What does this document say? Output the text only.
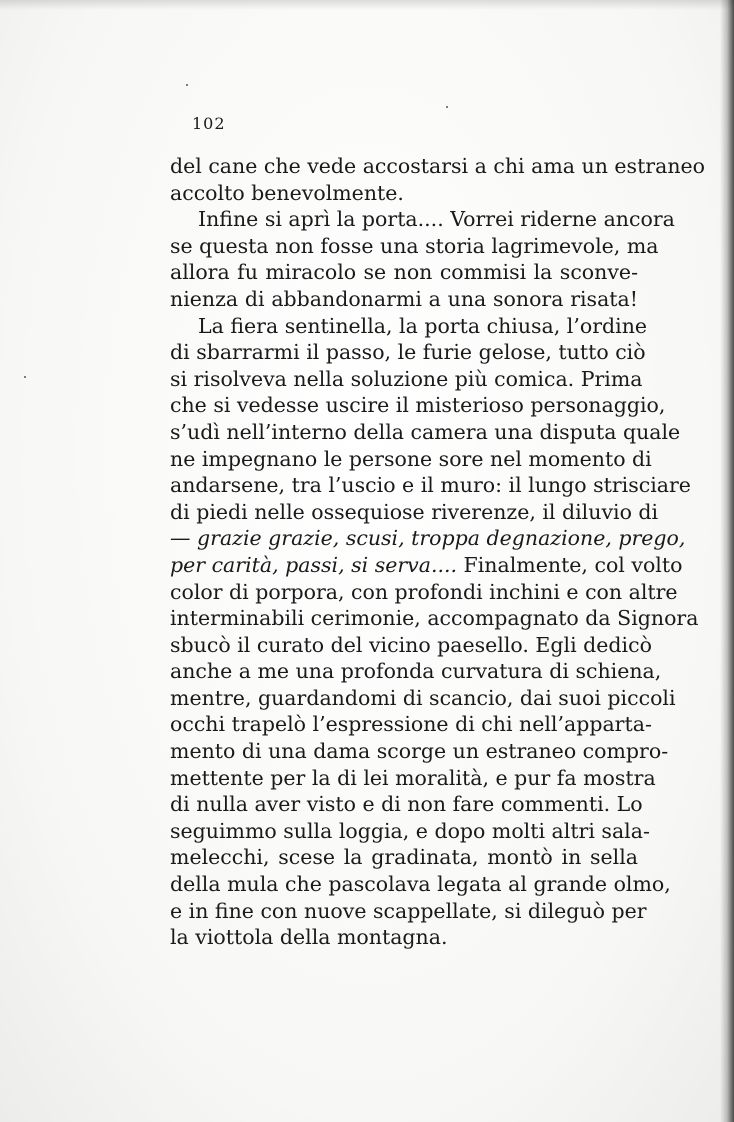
102
del cane che vede accostarsi a chi ama un estraneo
accolto benevolmente.
Infine si aprì la porta.... Vorrei riderne ancora
se questa non fosse una storia lagrimevole, ma
allora fu miracolo se non commisi la sconve-
nienza di abbandonarmi a una sonora risata!
La fiera sentinella, la porta chiusa, l’ordine
di sbarrarmi il passo, le furie gelose, tutto ciò
si risolveva nella soluzione più comica. Prima
che si vedesse uscire il misterioso personaggio,
s’udì nell’interno della camera una disputa quale
ne impegnano le persone sore nel momento di
andarsene, tra l’uscio e il muro: il lungo strisciare
di piedi nelle ossequiose riverenze, il diluvio di
— grazie grazie, scusi, troppa degnazione, prego,
per carità, passi, si serva.... Finalmente, col volto
color di porpora, con profondi inchini e con altre
interminabili cerimonie, accompagnato da Signora
sbucò il curato del vicino paesello. Egli dedicò
anche a me una profonda curvatura di schiena,
mentre, guardandomi di scancio, dai suoi piccoli
occhi trapelò l’espressione di chi nell’apparta-
mento di una dama scorge un estraneo compro-
mettente per la di lei moralità, e pur fa mostra
di nulla aver visto e di non fare commenti. Lo
seguimmo sulla loggia, e dopo molti altri sala-
melecchi, scese la gradinata, montò in sella
della mula che pascolava legata al grande olmo,
e in fine con nuove scappellate, si dileguò per
la viottola della montagna.
